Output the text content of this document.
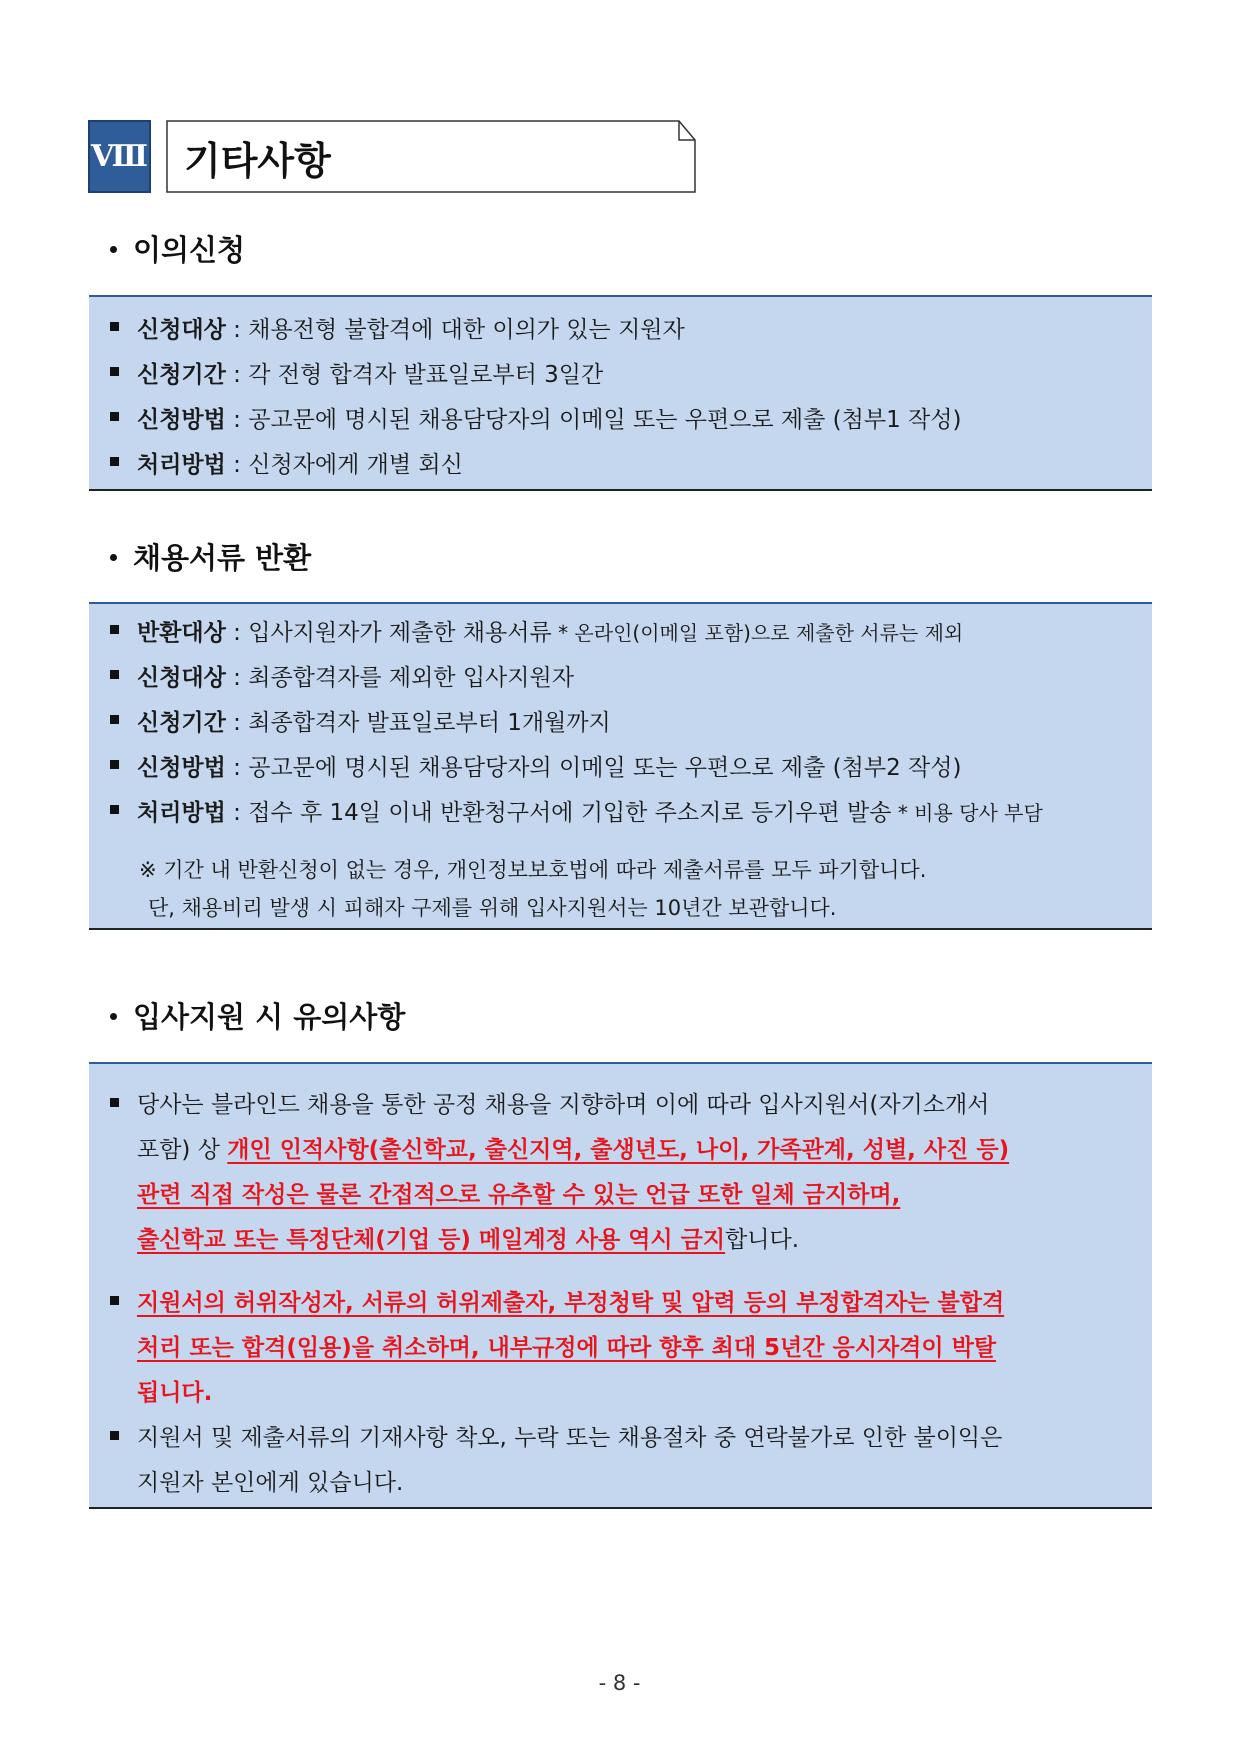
Ⅷ 기타사항
이의신청
신청대상 : 채용전형 불합격에 대한 이의가 있는 지원자
신청기간 : 각 전형 합격자 발표일로부터 3일간
신청방법 : 공고문에 명시된 채용담당자의 이메일 또는 우편으로 제출 (첨부1 작성)
처리방법 : 신청자에게 개별 회신
채용서류 반환
반환대상 : 입사지원자가 제출한 채용서류 * 온라인(이메일 포함)으로 제출한 서류는 제외
신청대상 : 최종합격자를 제외한 입사지원자
신청기간 : 최종합격자 발표일로부터 1개월까지
신청방법 : 공고문에 명시된 채용담당자의 이메일 또는 우편으로 제출 (첨부2 작성)
처리방법 : 접수 후 14일 이내 반환청구서에 기입한 주소지로 등기우편 발송 * 비용 당사 부담
※ 기간 내 반환신청이 없는 경우, 개인정보보호법에 따라 제출서류를 모두 파기합니다.
단, 채용비리 발생 시 피해자 구제를 위해 입사지원서는 10년간 보관합니다.
입사지원 시 유의사항
당사는 블라인드 채용을 통한 공정 채용을 지향하며 이에 따라 입사지원서(자기소개서
포함) 상 개인 인적사항(출신학교, 출신지역, 출생년도, 나이, 가족관계, 성별, 사진 등)
관련 직접 작성은 물론 간접적으로 유추할 수 있는 언급 또한 일체 금지하며,
출신학교 또는 특정단체(기업 등) 메일계정 사용 역시 금지합니다.
지원서의 허위작성자, 서류의 허위제출자, 부정청탁 및 압력 등의 부정합격자는 불합격
처리 또는 합격(임용)을 취소하며, 내부규정에 따라 향후 최대 5년간 응시자격이 박탈
됩니다.
지원서 및 제출서류의 기재사항 착오, 누락 또는 채용절차 중 연락불가로 인한 불이익은
지원자 본인에게 있습니다.
- 8 -
